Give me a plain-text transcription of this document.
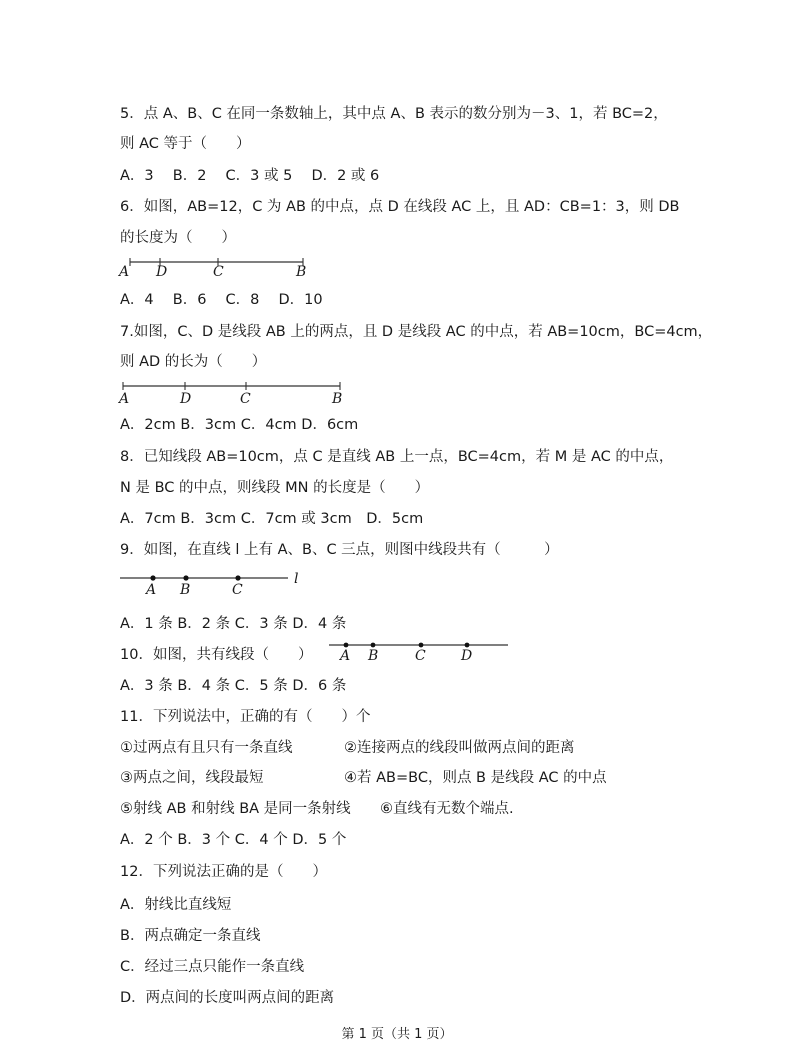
5．点 A、B、C 在同一条数轴上，其中点 A、B 表示的数分别为－3、1，若 BC=2，
则 AC 等于（　　）
A．3　 B．2　 C．3 或 5　 D．2 或 6
6．如图，AB=12，C 为 AB 的中点，点 D 在线段 AC 上，且 AD：CB=1：3，则 DB
的长度为（　　）
A D	C	B
A．4　 B．6　 C．8　 D．10
7.如图，C、D 是线段 AB 上的两点，且 D 是线段 AC 的中点，若 AB=10cm，BC=4cm，
则 AD 的长为（　　）
A	D	C	B
A．2cm B．3cm C．4cm D．6cm
8．已知线段 AB=10cm，点 C 是直线 AB 上一点，BC=4cm，若 M 是 AC 的中点，
N 是 BC 的中点，则线段 MN 的长度是（　　）
A．7cm B．3cm C．7cm 或 3cm　D．5cm
9．如图，在直线 l 上有 A、B、C 三点，则图中线段共有（　　　）
A B	C
l
A．1 条 B．2 条 C．3 条 D．4 条
10．如图，共有线段（　　） A B	C	D
A．3 条 B．4 条 C．5 条 D．6 条
11．下列说法中，正确的有（　　）个
①过两点有且只有一条直线	②连接两点的线段叫做两点间的距离
③两点之间，线段最短	④若 AB=BC，则点 B 是线段 AC 的中点
⑤射线 AB 和射线 BA 是同一条射线 ⑥直线有无数个端点.
A．2 个 B．3 个 C．4 个 D．5 个
12．下列说法正确的是（　　）
A．射线比直线短
B．两点确定一条直线
C．经过三点只能作一条直线
D．两点间的长度叫两点间的距离
第 1 页（共 1 页）
